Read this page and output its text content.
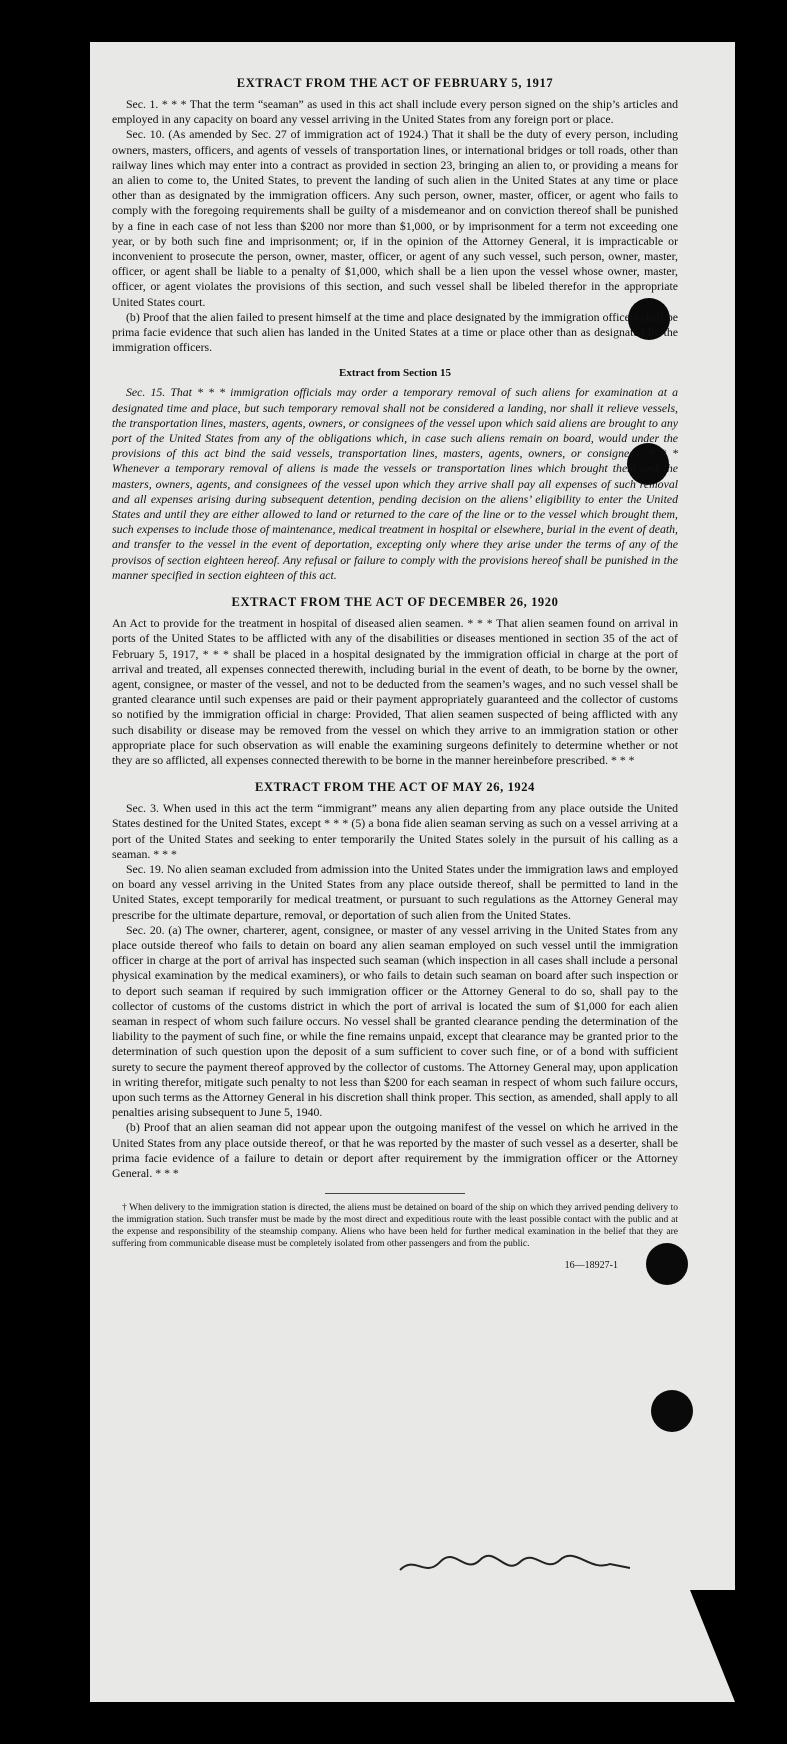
EXTRACT FROM THE ACT OF FEBRUARY 5, 1917

Sec. 1. * * * That the term “seaman” as used in this act shall include every person signed on the ship’s articles and employed in any capacity on board any vessel arriving in the United States from any foreign port or place.

Sec. 10. (As amended by Sec. 27 of immigration act of 1924.) That it shall be the duty of every person, including owners, masters, officers, and agents of vessels of transportation lines, or international bridges or toll roads, other than railway lines which may enter into a contract as provided in section 23, bringing an alien to, or providing a means for an alien to come to, the United States, to prevent the landing of such alien in the United States at any time or place other than as designated by the immigration officers. Any such person, owner, master, officer, or agent who fails to comply with the foregoing requirements shall be guilty of a misdemeanor and on conviction thereof shall be punished by a fine in each case of not less than $200 nor more than $1,000, or by imprisonment for a term not exceeding one year, or by both such fine and imprisonment; or, if in the opinion of the Attorney General, it is impracticable or inconvenient to prosecute the person, owner, master, officer, or agent of any such vessel, such person, owner, master, officer, or agent shall be liable to a penalty of $1,000, which shall be a lien upon the vessel whose owner, master, officer, or agent violates the provisions of this section, and such vessel shall be libeled therefor in the appropriate United States court.

(b) Proof that the alien failed to present himself at the time and place designated by the immigration officers shall be prima facie evidence that such alien has landed in the United States at a time or place other than as designated by the immigration officers.

Extract from Section 15

Sec. 15. That * * * immigration officials may order a temporary removal of such aliens for examination at a designated time and place, but such temporary removal shall not be considered a landing, nor shall it relieve vessels, the transportation lines, masters, agents, owners, or consignees of the vessel upon which said aliens are brought to any port of the United States from any of the obligations which, in case such aliens remain on board, would under the provisions of this act bind the said vessels, transportation lines, masters, agents, owners, or consignees: * * * Whenever a temporary removal of aliens is made the vessels or transportation lines which brought them and the masters, owners, agents, and consignees of the vessel upon which they arrive shall pay all expenses of such removal and all expenses arising during subsequent detention, pending decision on the aliens’ eligibility to enter the United States and until they are either allowed to land or returned to the care of the line or to the vessel which brought them, such expenses to include those of maintenance, medical treatment in hospital or elsewhere, burial in the event of death, and transfer to the vessel in the event of deportation, excepting only where they arise under the terms of any of the provisos of section eighteen hereof. Any refusal or failure to comply with the provisions hereof shall be punished in the manner specified in section eighteen of this act.

EXTRACT FROM THE ACT OF DECEMBER 26, 1920

An Act to provide for the treatment in hospital of diseased alien seamen. * * * That alien seamen found on arrival in ports of the United States to be afflicted with any of the disabilities or diseases mentioned in section 35 of the act of February 5, 1917, * * * shall be placed in a hospital designated by the immigration official in charge at the port of arrival and treated, all expenses connected therewith, including burial in the event of death, to be borne by the owner, agent, consignee, or master of the vessel, and not to be deducted from the seamen’s wages, and no such vessel shall be granted clearance until such expenses are paid or their payment appropriately guaranteed and the collector of customs so notified by the immigration official in charge: Provided, That alien seamen suspected of being afflicted with any such disability or disease may be removed from the vessel on which they arrive to an immigration station or other appropriate place for such observation as will enable the examining surgeons definitely to determine whether or not they are so afflicted, all expenses connected therewith to be borne in the manner hereinbefore prescribed. * * *

EXTRACT FROM THE ACT OF MAY 26, 1924

Sec. 3. When used in this act the term “immigrant” means any alien departing from any place outside the United States destined for the United States, except * * * (5) a bona fide alien seaman serving as such on a vessel arriving at a port of the United States and seeking to enter temporarily the United States solely in the pursuit of his calling as a seaman. * * *

Sec. 19. No alien seaman excluded from admission into the United States under the immigration laws and employed on board any vessel arriving in the United States from any place outside thereof, shall be permitted to land in the United States, except temporarily for medical treatment, or pursuant to such regulations as the Attorney General may prescribe for the ultimate departure, removal, or deportation of such alien from the United States.

Sec. 20. (a) The owner, charterer, agent, consignee, or master of any vessel arriving in the United States from any place outside thereof who fails to detain on board any alien seaman employed on such vessel until the immigration officer in charge at the port of arrival has inspected such seaman (which inspection in all cases shall include a personal physical examination by the medical examiners), or who fails to detain such seaman on board after such inspection or to deport such seaman if required by such immigration officer or the Attorney General to do so, shall pay to the collector of customs of the customs district in which the port of arrival is located the sum of $1,000 for each alien seaman in respect of whom such failure occurs. No vessel shall be granted clearance pending the determination of the liability to the payment of such fine, or while the fine remains unpaid, except that clearance may be granted prior to the determination of such question upon the deposit of a sum sufficient to cover such fine, or of a bond with sufficient surety to secure the payment thereof approved by the collector of customs. The Attorney General may, upon application in writing therefor, mitigate such penalty to not less than $200 for each seaman in respect of whom such failure occurs, upon such terms as the Attorney General in his discretion shall think proper. This section, as amended, shall apply to all penalties arising subsequent to June 5, 1940.

(b) Proof that an alien seaman did not appear upon the outgoing manifest of the vessel on which he arrived in the United States from any place outside thereof, or that he was reported by the master of such vessel as a deserter, shall be prima facie evidence of a failure to detain or deport after requirement by the immigration officer or the Attorney General. * * *

† When delivery to the immigration station is directed, the aliens must be detained on board of the ship on which they arrived pending delivery to the immigration station. Such transfer must be made by the most direct and expeditious route with the least possible contact with the public and at the expense and responsibility of the steamship company. Aliens who have been held for further medical examination in the belief that they are suffering from communicable disease must be completely isolated from other passengers and from the public.

16—18927-1
